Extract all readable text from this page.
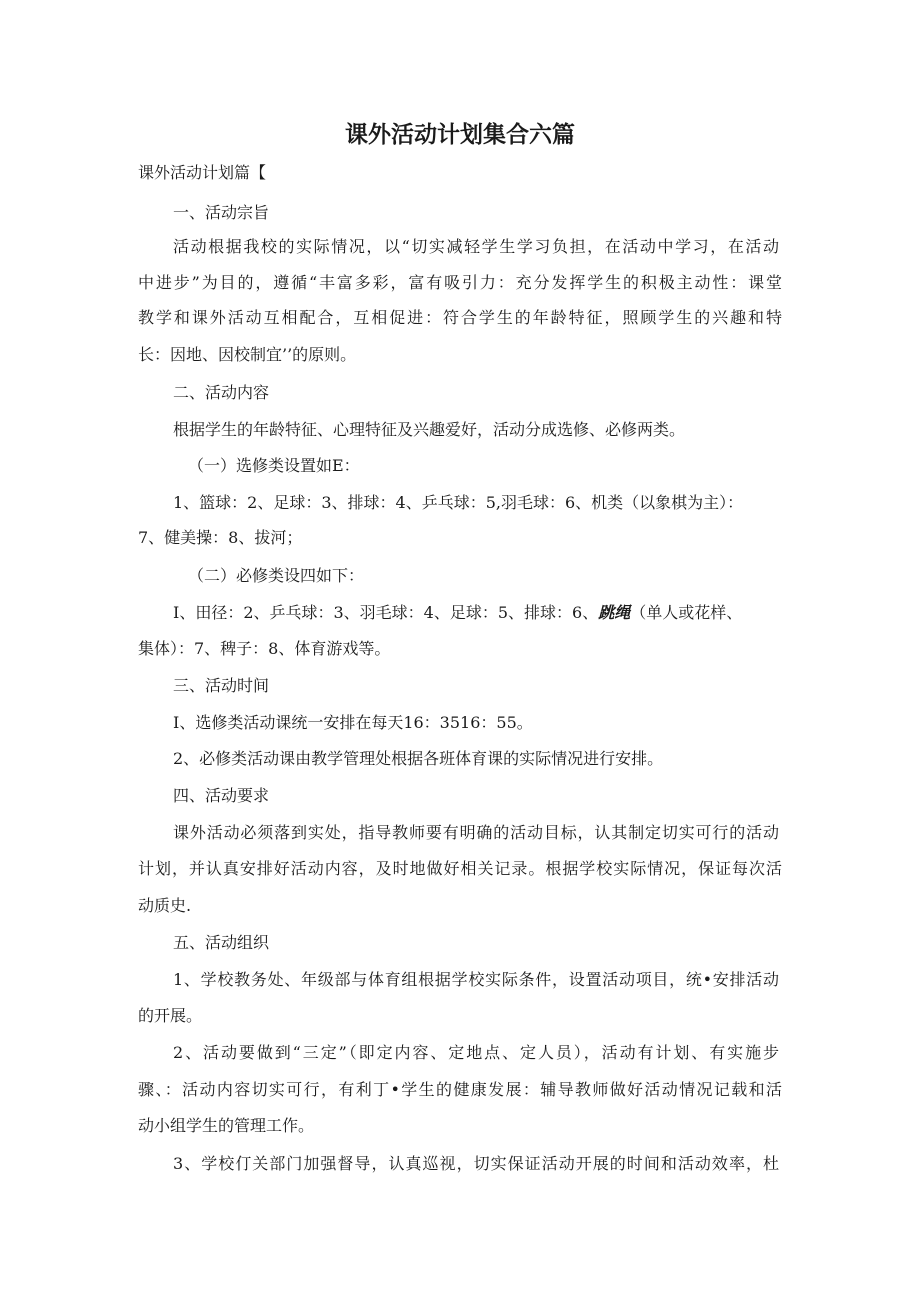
课外活动计划集合六篇
课外活动计划篇【
一、活动宗旨
活动根据我校的实际情况，以“切实减轻学生学习负担，在活动中学习，在活动
中进步”为目的，遵循“丰富多彩，富有吸引力：充分发挥学生的积极主动性：课堂
教学和课外活动互相配合，互相促进：符合学生的年龄特征，照顾学生的兴趣和特
长：因地、因校制宜’’的原则。
二、活动内容
根据学生的年龄特征、心理特征及兴趣爱好，活动分成选修、必修两类。
（一）选修类设置如E：
1、篮球：2、足球：3、排球：4、乒乓球：5,羽毛球：6、机类（以象棋为主）：
7、健美操：8、拔河；
（二）必修类设四如下：
I、田径：2、乒乓球：3、羽毛球：4、足球：5、排球：6、跳绳（单人或花样、
集体）：7、稗子：8、体育游戏等。
三、活动时间
I、选修类活动课统一安排在每天16：3516：55。
2、必修类活动课由教学管理处根据各班体育课的实际情况进行安排。
四、活动要求
课外活动必须落到实处，指导教师要有明确的活动目标，认其制定切实可行的活动
计划，并认真安排好活动内容，及时地做好相关记录。根据学校实际情况，保证每次活
动质史.
五、活动组织
1、学校教务处、年级部与体育组根据学校实际条件，设置活动项目，统•安排活动
的开展。
2、活动要做到“三定”（即定内容、定地点、定人员），活动有计划、有实施步
骤、：活动内容切实可行，有利丁•学生的健康发展：辅导教师做好活动情况记载和活
动小组学生的管理工作。
3、学校仃关部门加强督导，认真巡视，切实保证活动开展的时间和活动效率，杜
